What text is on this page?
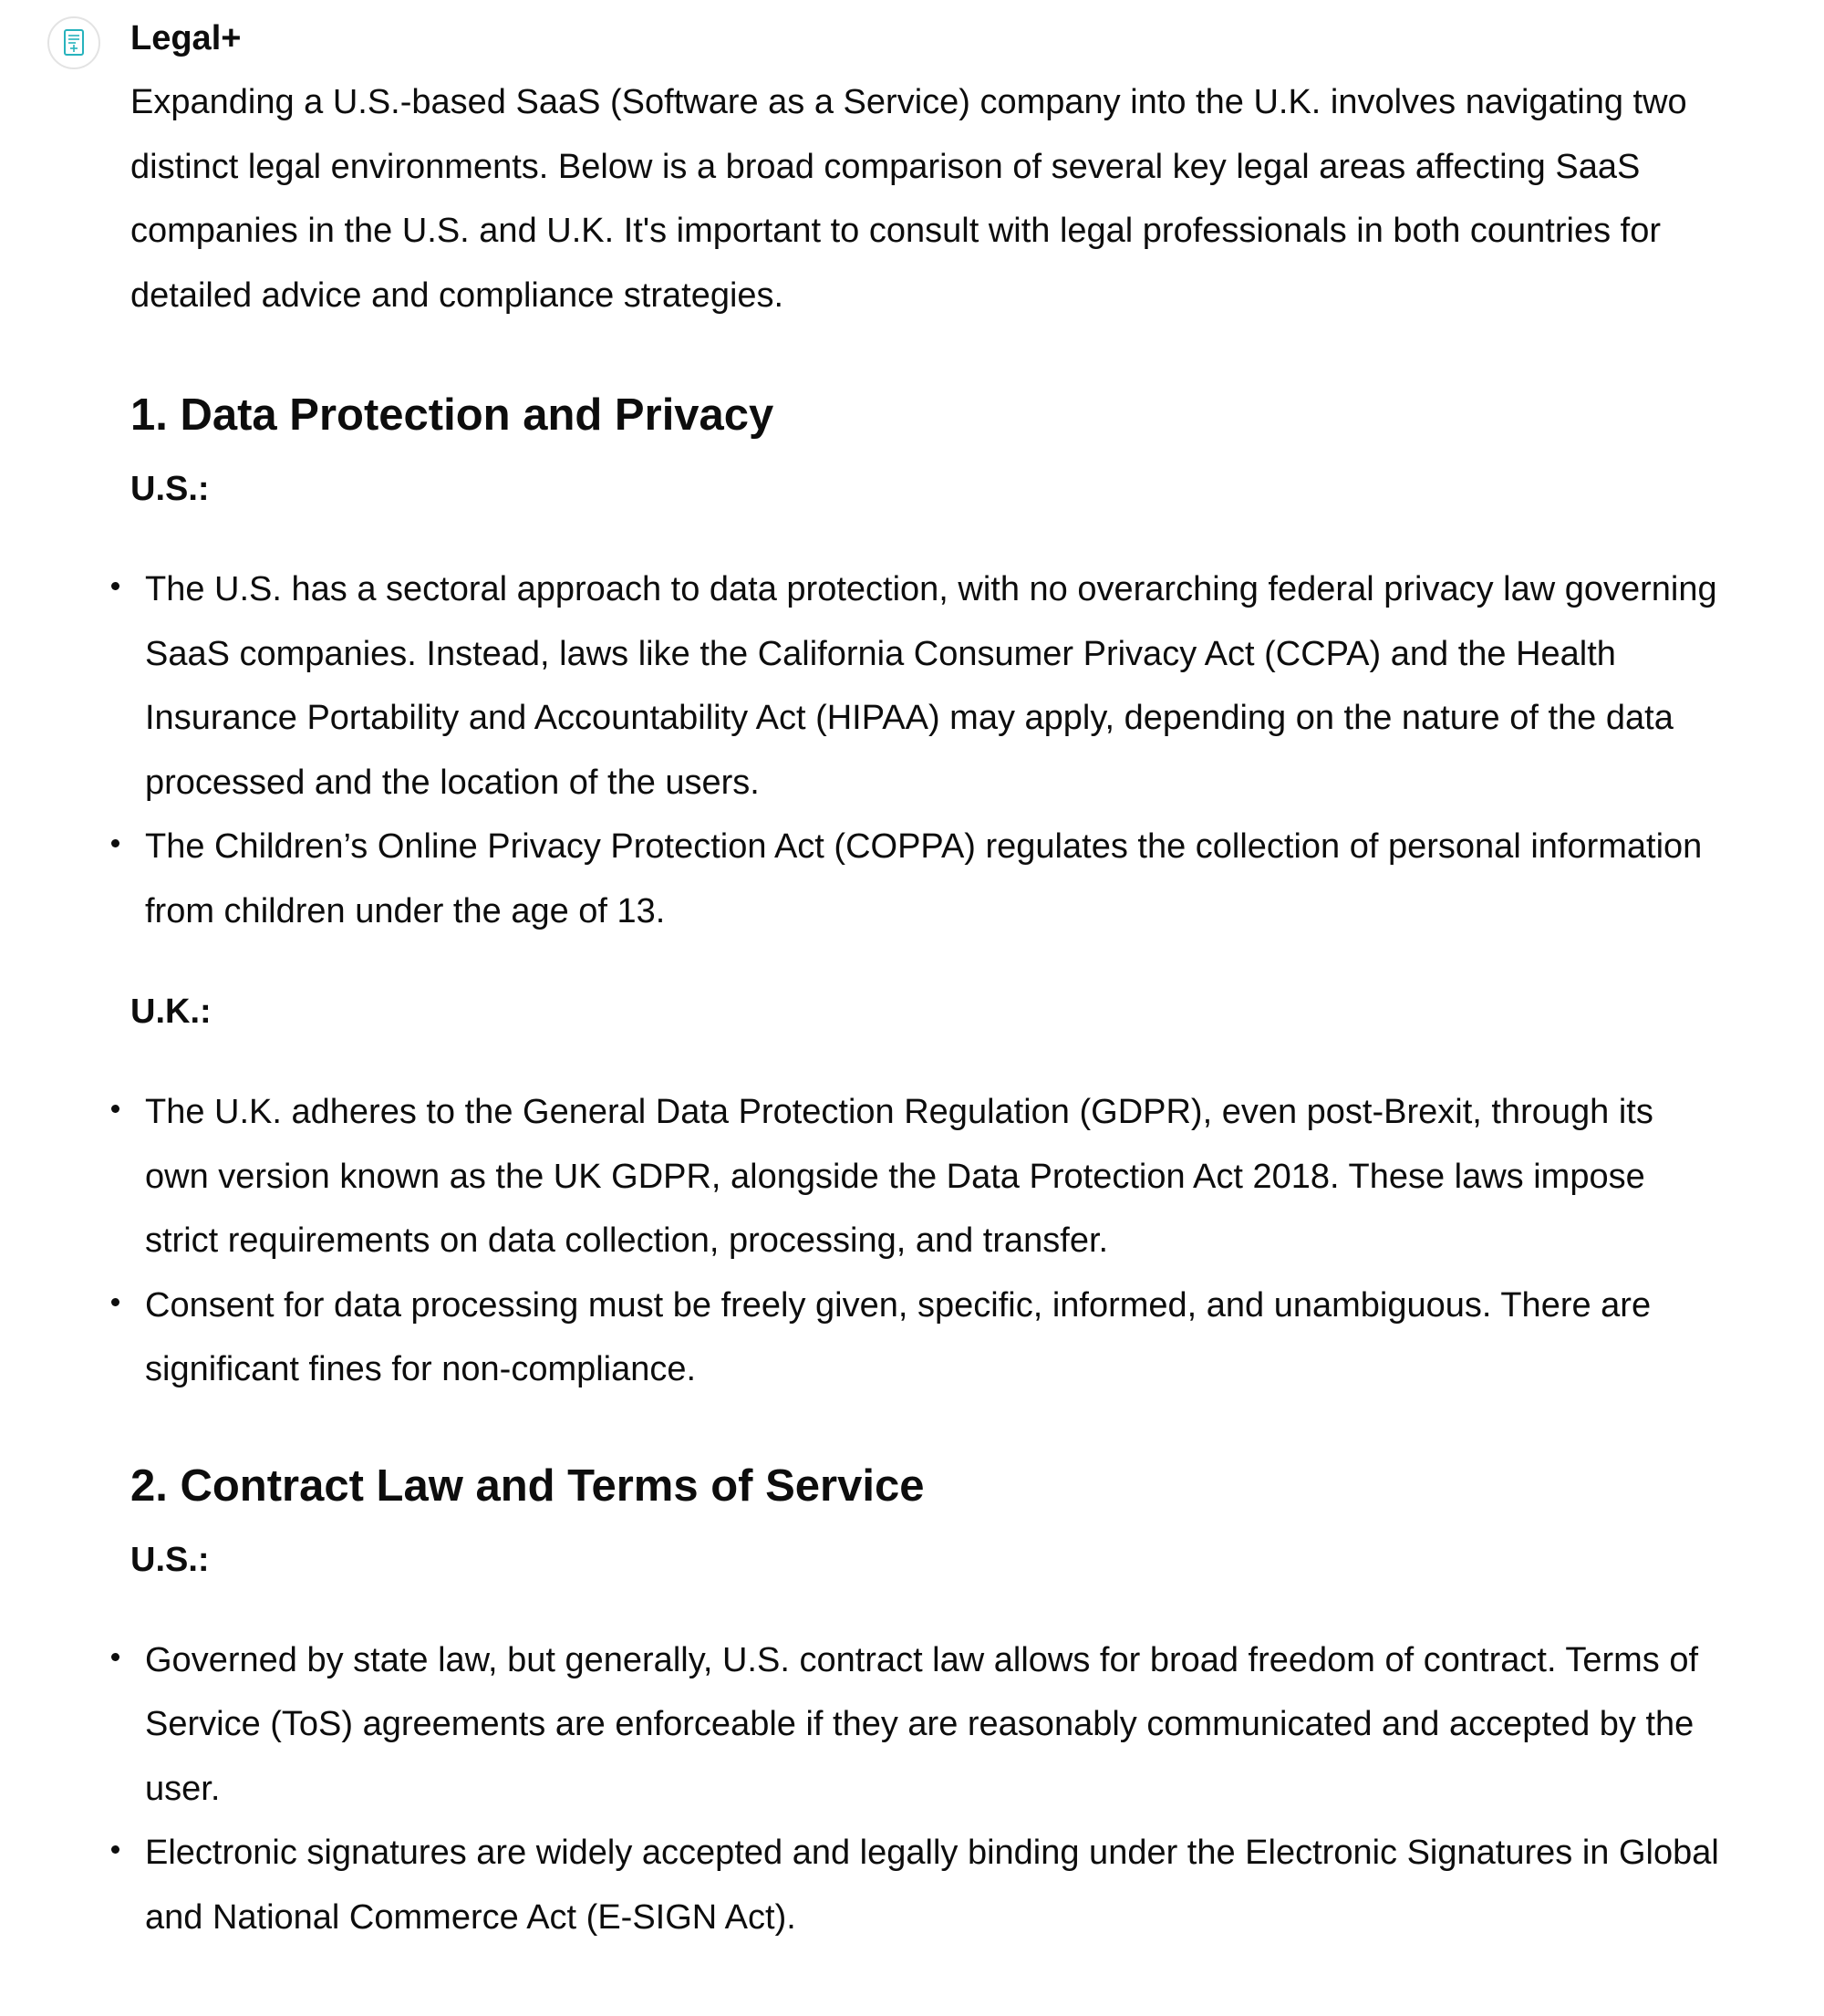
Legal+

Expanding a U.S.-based SaaS (Software as a Service) company into the U.K. involves navigating two distinct legal environments. Below is a broad comparison of several key legal areas affecting SaaS companies in the U.S. and U.K. It's important to consult with legal professionals in both countries for detailed advice and compliance strategies.

1. Data Protection and Privacy

U.S.:

The U.S. has a sectoral approach to data protection, with no overarching federal privacy law governing SaaS companies. Instead, laws like the California Consumer Privacy Act (CCPA) and the Health Insurance Portability and Accountability Act (HIPAA) may apply, depending on the nature of the data processed and the location of the users.
The Children’s Online Privacy Protection Act (COPPA) regulates the collection of personal information from children under the age of 13.

U.K.:

The U.K. adheres to the General Data Protection Regulation (GDPR), even post-Brexit, through its own version known as the UK GDPR, alongside the Data Protection Act 2018. These laws impose strict requirements on data collection, processing, and transfer.
Consent for data processing must be freely given, specific, informed, and unambiguous. There are significant fines for non-compliance.
2. Contract Law and Terms of Service

U.S.:

Governed by state law, but generally, U.S. contract law allows for broad freedom of contract. Terms of Service (ToS) agreements are enforceable if they are reasonably communicated and accepted by the user.
Electronic signatures are widely accepted and legally binding under the Electronic Signatures in Global and National Commerce Act (E-SIGN Act).
